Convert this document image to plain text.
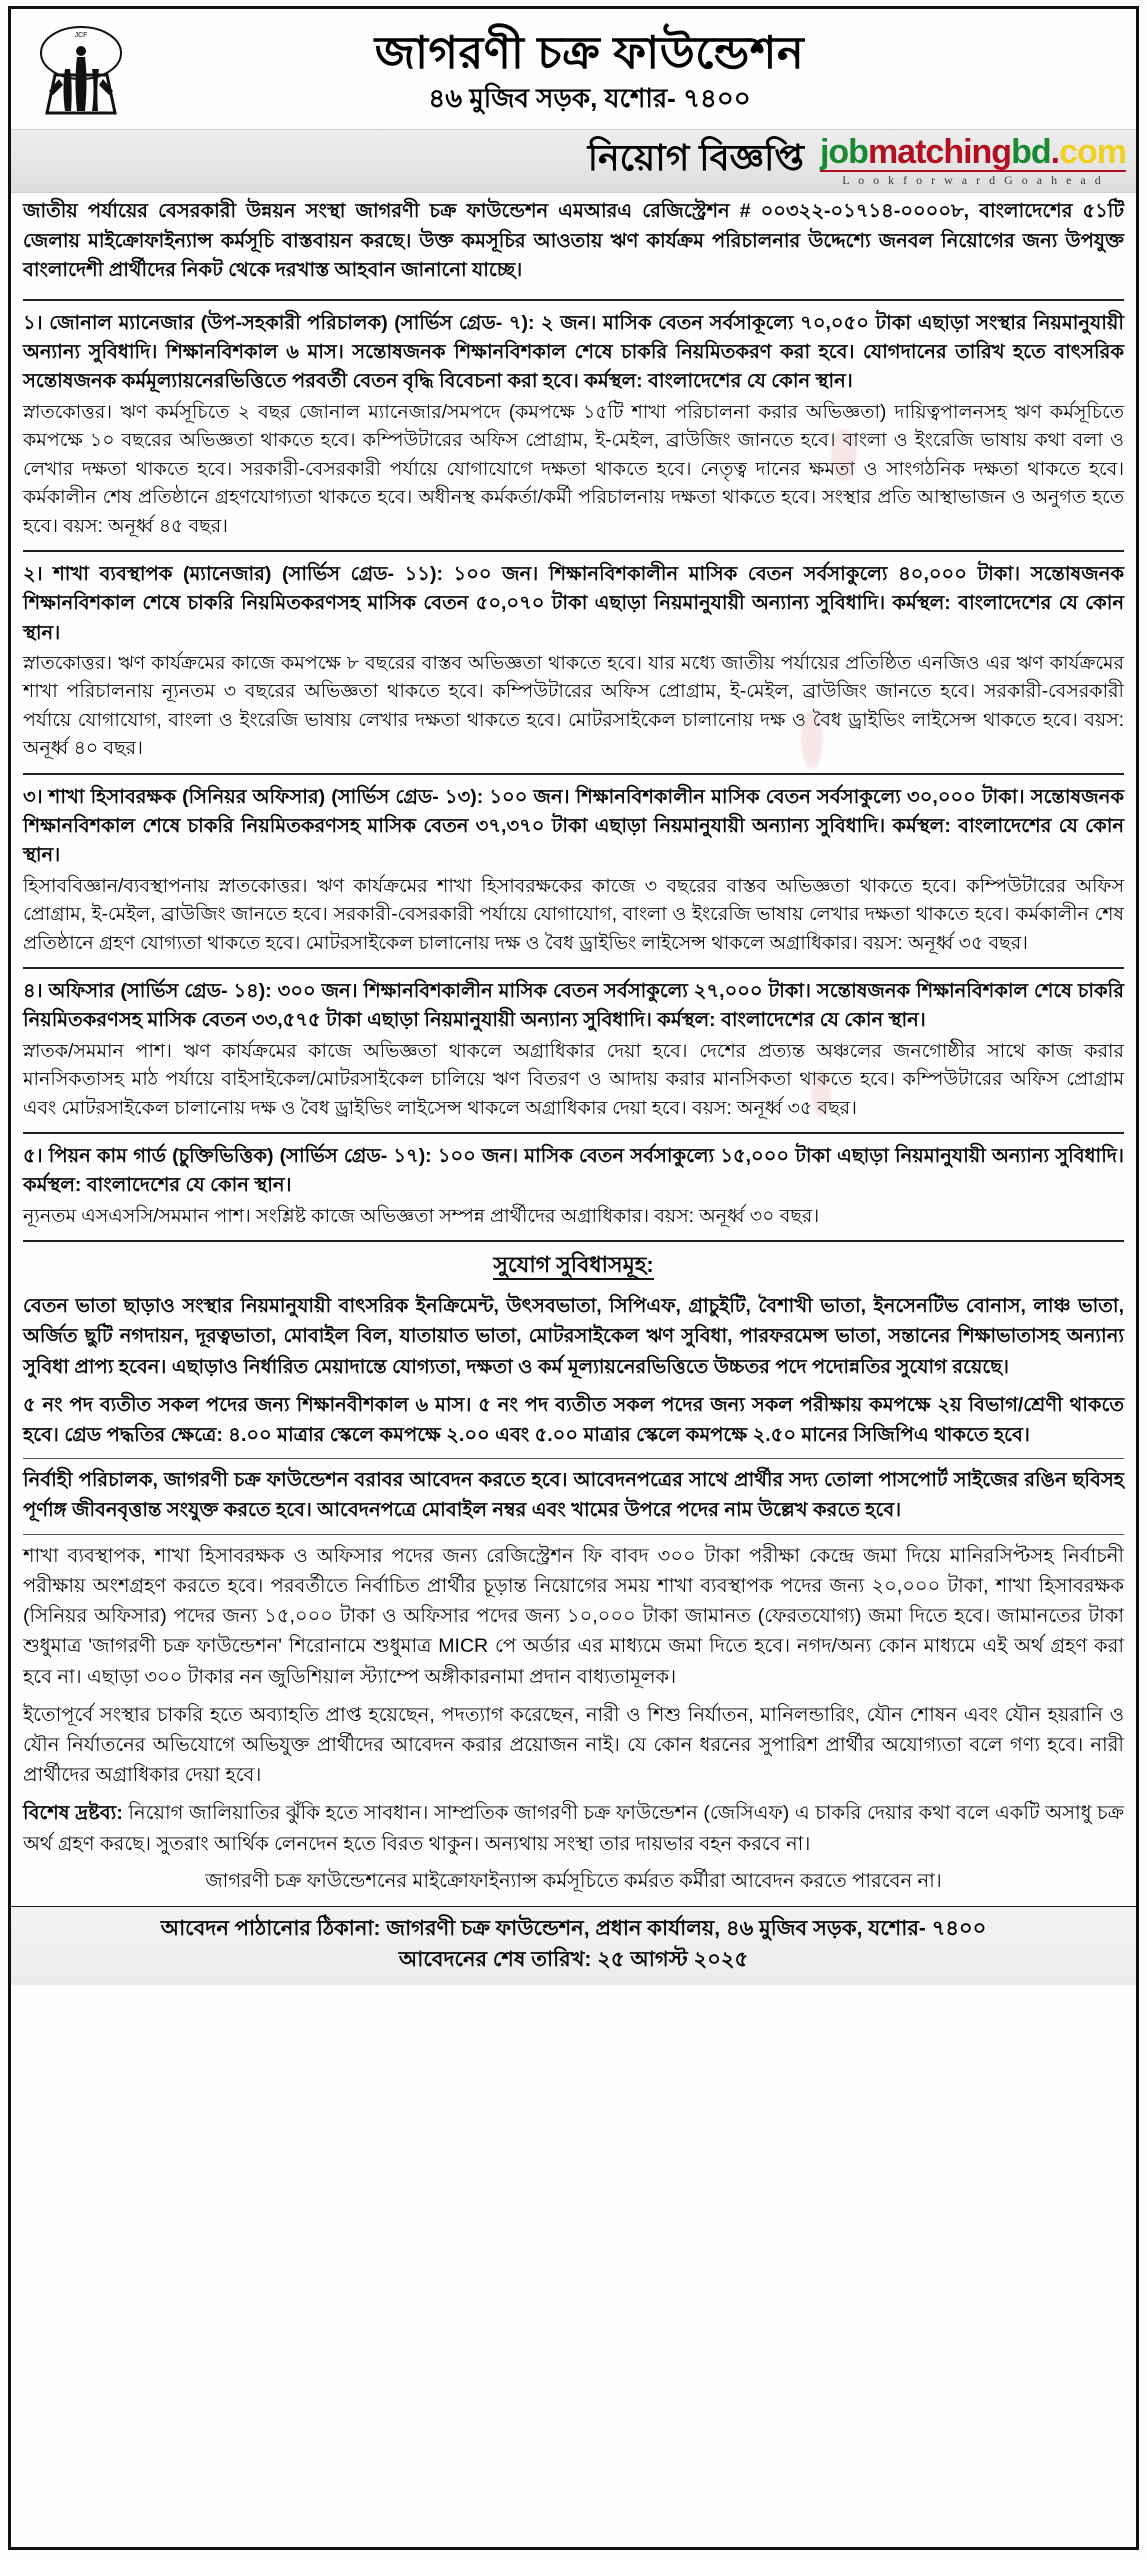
JCF	জাগরণী চক্র ফাউন্ডেশন
৪৬ মুজিব সড়ক, যশোর- ৭৪০০
নিয়োগ বিজ্ঞপ্তি jobmatchingbd.com
L o o k f o r w a r d G o a h e a d

জাতীয় পর্যায়ের বেসরকারী উন্নয়ন সংস্থা জাগরণী চক্র ফাউন্ডেশন এমআরএ রেজিস্ট্রেশন # ০০৩২২-০১৭১৪-০০০০৮, বাংলাদেশের ৫১টি জেলায় মাইক্রোফাইন্যান্স কর্মসূচি বাস্তবায়ন করছে। উক্ত কমসূচির আওতায় ঋণ কার্যক্রম পরিচালনার উদ্দেশ্যে জনবল নিয়োগের জন্য উপযুক্ত বাংলাদেশী প্রার্থীদের নিকট থেকে দরখাস্ত আহবান জানানো যাচ্ছে।

১। জোনাল ম্যানেজার (উপ-সহকারী পরিচালক) (সার্ভিস গ্রেড- ৭): ২ জন। মাসিক বেতন সর্বসাকূল্যে ৭০,০৫০ টাকা এছাড়া সংস্থার নিয়মানুযায়ী অন্যান্য সুবিধাদি। শিক্ষানবিশকাল ৬ মাস। সন্তোষজনক শিক্ষানবিশকাল শেষে চাকরি নিয়মিতকরণ করা হবে। যোগদানের তারিখ হতে বাৎসরিক সন্তোষজনক কর্মমূল্যায়নেরভিত্তিতে পরবর্তী বেতন বৃদ্ধি বিবেচনা করা হবে। কর্মস্থল: বাংলাদেশের যে কোন স্থান।

স্নাতকোত্তর। ঋণ কর্মসূচিতে ২ বছর জোনাল ম্যানেজার/সমপদে (কমপক্ষে ১৫টি শাখা পরিচালনা করার অভিজ্ঞতা) দায়িত্বপালনসহ ঋণ কর্মসূচিতে কমপক্ষে ১০ বছরের অভিজ্ঞতা থাকতে হবে। কম্পিউটারের অফিস প্রোগ্রাম, ই-মেইল, ব্রাউজিং জানতে হবে। বাংলা ও ইংরেজি ভাষায় কথা বলা ও লেখার দক্ষতা থাকতে হবে। সরকারী-বেসরকারী পর্যায়ে যোগাযোগে দক্ষতা থাকতে হবে। নেতৃত্ব দানের ক্ষমতা ও সাংগঠনিক দক্ষতা থাকতে হবে। কর্মকালীন শেষ প্রতিষ্ঠানে গ্রহণযোগ্যতা থাকতে হবে। অধীনস্থ কর্মকর্তা/কর্মী পরিচালনায় দক্ষতা থাকতে হবে। সংস্থার প্রতি আস্থাভাজন ও অনুগত হতে হবে। বয়স: অনূর্ধ্ব ৪৫ বছর।

২। শাখা ব্যবস্থাপক (ম্যানেজার) (সার্ভিস গ্রেড- ১১): ১০০ জন। শিক্ষানবিশকালীন মাসিক বেতন সর্বসাকুল্যে ৪০,০০০ টাকা। সন্তোষজনক শিক্ষানবিশকাল শেষে চাকরি নিয়মিতকরণসহ মাসিক বেতন ৫০,০৭০ টাকা এছাড়া নিয়মানুযায়ী অন্যান্য সুবিধাদি। কর্মস্থল: বাংলাদেশের যে কোন স্থান।

স্নাতকোত্তর। ঋণ কার্যক্রমের কাজে কমপক্ষে ৮ বছরের বাস্তব অভিজ্ঞতা থাকতে হবে। যার মধ্যে জাতীয় পর্যায়ের প্রতিষ্ঠিত এনজিও এর ঋণ কার্যক্রমের শাখা পরিচালনায় ন্যূনতম ৩ বছরের অভিজ্ঞতা থাকতে হবে। কম্পিউটারের অফিস প্রোগ্রাম, ই-মেইল, ব্রাউজিং জানতে হবে। সরকারী-বেসরকারী পর্যায়ে যোগাযোগ, বাংলা ও ইংরেজি ভাষায় লেখার দক্ষতা থাকতে হবে। মোটরসাইকেল চালানোয় দক্ষ ও বৈধ ড্রাইভিং লাইসেন্স থাকতে হবে। বয়স: অনূর্ধ্ব ৪০ বছর।

৩। শাখা হিসাবরক্ষক (সিনিয়র অফিসার) (সার্ভিস গ্রেড- ১৩): ১০০ জন। শিক্ষানবিশকালীন মাসিক বেতন সর্বসাকুল্যে ৩০,০০০ টাকা। সন্তোষজনক শিক্ষানবিশকাল শেষে চাকরি নিয়মিতকরণসহ মাসিক বেতন ৩৭,৩৭০ টাকা এছাড়া নিয়মানুযায়ী অন্যান্য সুবিধাদি। কর্মস্থল: বাংলাদেশের যে কোন স্থান।

হিসাববিজ্ঞান/ব্যবস্থাপনায় স্নাতকোত্তর। ঋণ কার্যক্রমের শাখা হিসাবরক্ষকের কাজে ৩ বছরের বাস্তব অভিজ্ঞতা থাকতে হবে। কম্পিউটারের অফিস প্রোগ্রাম, ই-মেইল, ব্রাউজিং জানতে হবে। সরকারী-বেসরকারী পর্যায়ে যোগাযোগ, বাংলা ও ইংরেজি ভাষায় লেখার দক্ষতা থাকতে হবে। কর্মকালীন শেষ প্রতিষ্ঠানে গ্রহণ যোগ্যতা থাকতে হবে। মোটরসাইকেল চালানোয় দক্ষ ও বৈধ ড্রাইভিং লাইসেন্স থাকলে অগ্রাধিকার। বয়স: অনূর্ধ্ব ৩৫ বছর।

৪। অফিসার (সার্ভিস গ্রেড- ১৪): ৩০০ জন। শিক্ষানবিশকালীন মাসিক বেতন সর্বসাকুল্যে ২৭,০০০ টাকা। সন্তোষজনক শিক্ষানবিশকাল শেষে চাকরি নিয়মিতকরণসহ মাসিক বেতন ৩৩,৫৭৫ টাকা এছাড়া নিয়মানুযায়ী অন্যান্য সুবিধাদি। কর্মস্থল: বাংলাদেশের যে কোন স্থান।

স্নাতক/সমমান পাশ। ঋণ কার্যক্রমের কাজে অভিজ্ঞতা থাকলে অগ্রাধিকার দেয়া হবে। দেশের প্রত্যন্ত অঞ্চলের জনগোষ্ঠীর সাথে কাজ করার মানসিকতাসহ মাঠ পর্যায়ে বাইসাইকেল/মোটরসাইকেল চালিয়ে ঋণ বিতরণ ও আদায় করার মানসিকতা থাকতে হবে। কম্পিউটারের অফিস প্রোগ্রাম এবং মোটরসাইকেল চালানোয় দক্ষ ও বৈধ ড্রাইভিং লাইসেন্স থাকলে অগ্রাধিকার দেয়া হবে। বয়স: অনূর্ধ্ব ৩৫ বছর।

৫। পিয়ন কাম গার্ড (চুক্তিভিত্তিক) (সার্ভিস গ্রেড- ১৭): ১০০ জন। মাসিক বেতন সর্বসাকুল্যে ১৫,০০০ টাকা এছাড়া নিয়মানুযায়ী অন্যান্য সুবিধাদি। কর্মস্থল: বাংলাদেশের যে কোন স্থান।

ন্যূনতম এসএসসি/সমমান পাশ। সংশ্লিষ্ট কাজে অভিজ্ঞতা সম্পন্ন প্রার্থীদের অগ্রাধিকার। বয়স: অনূর্ধ্ব ৩০ বছর।

সুযোগ সুবিধাসমূহ:

বেতন ভাতা ছাড়াও সংস্থার নিয়মানুযায়ী বাৎসরিক ইনক্রিমেন্ট, উৎসবভাতা, সিপিএফ, গ্রাচুইটি, বৈশাখী ভাতা, ইনসেনটিভ বোনাস, লাঞ্চ ভাতা, অর্জিত ছুটি নগদায়ন, দূরত্বভাতা, মোবাইল বিল, যাতায়াত ভাতা, মোটরসাইকেল ঋণ সুবিধা, পারফরমেন্স ভাতা, সন্তানের শিক্ষাভাতাসহ অন্যান্য সুবিধা প্রাপ্য হবেন। এছাড়াও নির্ধারিত মেয়াদান্তে যোগ্যতা, দক্ষতা ও কর্ম মূল্যায়নেরভিত্তিতে উচ্চতর পদে পদোন্নতির সুযোগ রয়েছে।

৫ নং পদ ব্যতীত সকল পদের জন্য শিক্ষানবীশকাল ৬ মাস। ৫ নং পদ ব্যতীত সকল পদের জন্য সকল পরীক্ষায় কমপক্ষে ২য় বিভাগ/শ্রেণী থাকতে হবে। গ্রেড পদ্ধতির ক্ষেত্রে: ৪.০০ মাত্রার স্কেলে কমপক্ষে ২.০০ এবং ৫.০০ মাত্রার স্কেলে কমপক্ষে ২.৫০ মানের সিজিপিএ থাকতে হবে।

নির্বাহী পরিচালক, জাগরণী চক্র ফাউন্ডেশন বরাবর আবেদন করতে হবে। আবেদনপত্রের সাথে প্রার্থীর সদ্য তোলা পাসপোর্ট সাইজের রঙিন ছবিসহ পূর্ণাঙ্গ জীবনবৃত্তান্ত সংযুক্ত করতে হবে। আবেদনপত্রে মোবাইল নম্বর এবং খামের উপরে পদের নাম উল্লেখ করতে হবে।

শাখা ব্যবস্থাপক, শাখা হিসাবরক্ষক ও অফিসার পদের জন্য রেজিস্ট্রেশন ফি বাবদ ৩০০ টাকা পরীক্ষা কেন্দ্রে জমা দিয়ে মানিরসিপ্টসহ নির্বাচনী পরীক্ষায় অংশগ্রহণ করতে হবে। পরবর্তীতে নির্বাচিত প্রার্থীর চূড়ান্ত নিয়োগের সময় শাখা ব্যবস্থাপক পদের জন্য ২০,০০০ টাকা, শাখা হিসাবরক্ষক (সিনিয়র অফিসার) পদের জন্য ১৫,০০০ টাকা ও অফিসার পদের জন্য ১০,০০০ টাকা জামানত (ফেরতযোগ্য) জমা দিতে হবে। জামানতের টাকা শুধুমাত্র 'জাগরণী চক্র ফাউন্ডেশন' শিরোনামে শুধুমাত্র MICR পে অর্ডার এর মাধ্যমে জমা দিতে হবে। নগদ/অন্য কোন মাধ্যমে এই অর্থ গ্রহণ করা হবে না। এছাড়া ৩০০ টাকার নন জুডিশিয়াল স্ট্যাম্পে অঙ্গীকারনামা প্রদান বাধ্যতামূলক।

ইতোপূর্বে সংস্থার চাকরি হতে অব্যাহতি প্রাপ্ত হয়েছেন, পদত্যাগ করেছেন, নারী ও শিশু নির্যাতন, মানিলন্ডারিং, যৌন শোষন এবং যৌন হয়রানি ও যৌন নির্যাতনের অভিযোগে অভিযুক্ত প্রার্থীদের আবেদন করার প্রয়োজন নাই। যে কোন ধরনের সুপারিশ প্রার্থীর অযোগ্যতা বলে গণ্য হবে। নারী প্রার্থীদের অগ্রাধিকার দেয়া হবে।

বিশেষ দ্রষ্টব্য: নিয়োগ জালিয়াতির ঝুঁকি হতে সাবধান। সাম্প্রতিক জাগরণী চক্র ফাউন্ডেশন (জেসিএফ) এ চাকরি দেয়ার কথা বলে একটি অসাধু চক্র অর্থ গ্রহণ করছে। সুতরাং আর্থিক লেনদেন হতে বিরত থাকুন। অন্যথায় সংস্থা তার দায়ভার বহন করবে না।

জাগরণী চক্র ফাউন্ডেশনের মাইক্রোফাইন্যান্স কর্মসূচিতে কর্মরত কর্মীরা আবেদন করতে পারবেন না।

আবেদন পাঠানোর ঠিকানা: জাগরণী চক্র ফাউন্ডেশন, প্রধান কার্যালয়, ৪৬ মুজিব সড়ক, যশোর- ৭৪০০
আবেদনের শেষ তারিখ: ২৫ আগস্ট ২০২৫
